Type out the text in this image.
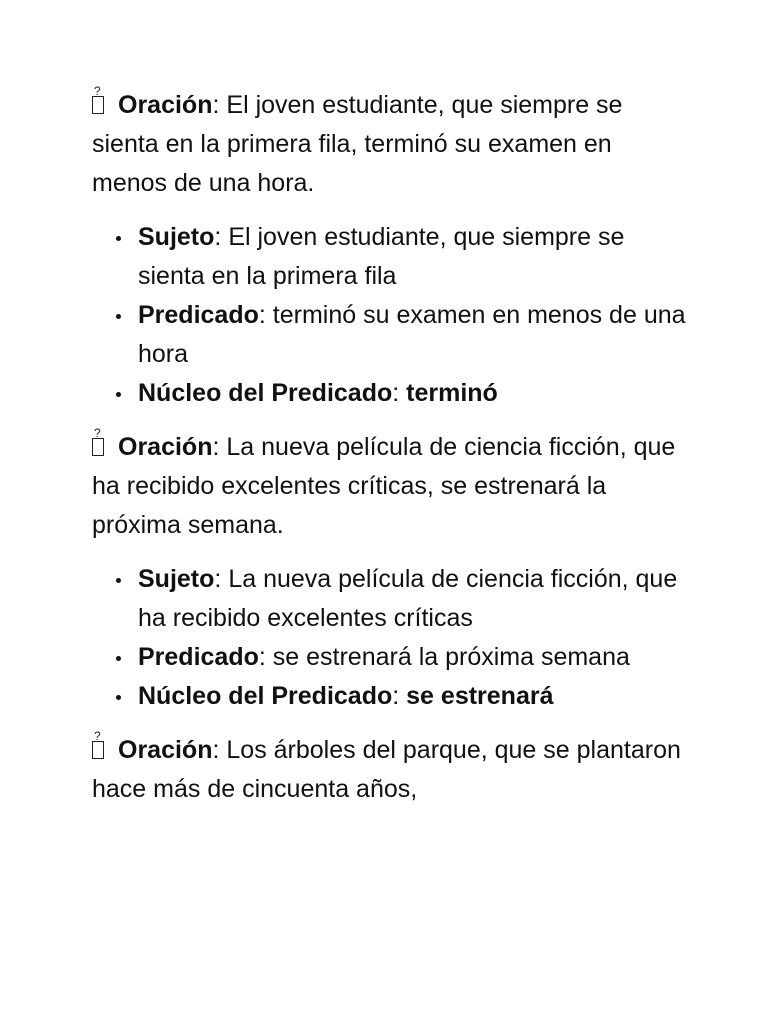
?Oración: El joven estudiante, que siempre se sienta en la primera fila, terminó su examen en menos de una hora.

Sujeto: El joven estudiante, que siempre se sienta en la primera fila
Predicado: terminó su examen en menos de una hora
Núcleo del Predicado: terminó

?Oración: La nueva película de ciencia ficción, que ha recibido excelentes críticas, se estrenará la próxima semana.

Sujeto: La nueva película de ciencia ficción, que ha recibido excelentes críticas
Predicado: se estrenará la próxima semana
Núcleo del Predicado: se estrenará

?Oración: Los árboles del parque, que se plantaron hace más de cincuenta años,
